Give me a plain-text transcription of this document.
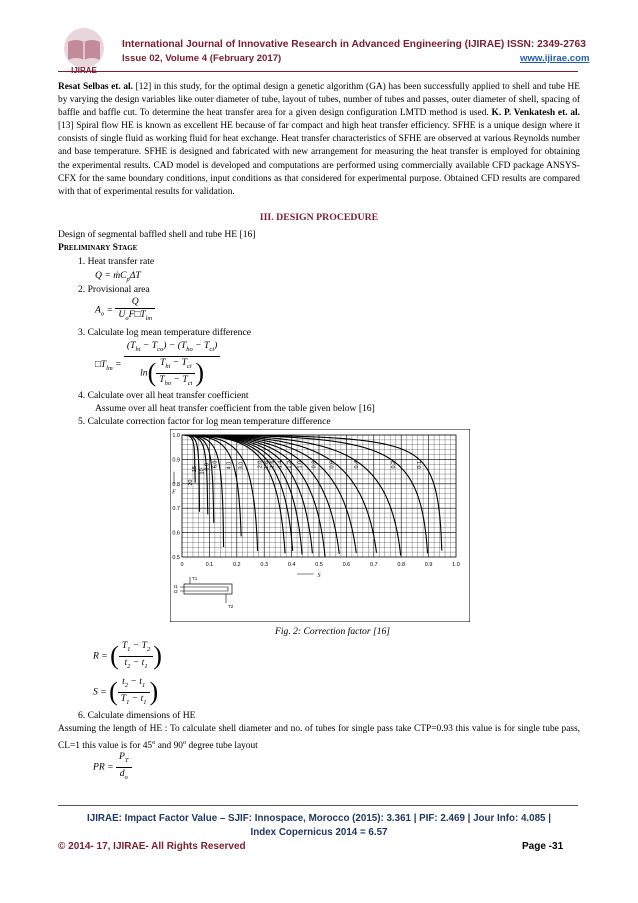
International Journal of Innovative Research in Advanced Engineering (IJIRAE) ISSN: 2349-2763
Issue 02, Volume 4 (February 2017)	www.ijirae.com

Resat Selbas et. al. [12] in this study, for the optimal design a genetic algorithm (GA) has been successfully applied to shell and tube HE by varying the design variables like outer diameter of tube, layout of tubes, number of tubes and passes, outer diameter of shell, spacing of baffle and baffle cut. To determine the heat transfer area for a given design configuration LMTD method is used. K. P. Venkatesh et. al. [13] Spiral flow HE is known as excellent HE because of far compact and high heat transfer efficiency. SFHE is a unique design where it consists of single fluid as working fluid for heat exchange. Heat transfer characteristics of SFHE are observed at various Reynolds number and base temperature. SFHE is designed and fabricated with new arrangement for measuring the heat transfer is employed for obtaining the experimental results. CAD model is developed and computations are performed using commercially available CFD package ANSYS-CFX for the same boundary conditions, input conditions as that considered for experimental purpose. Obtained CFD results are compared with that of experimental results for validation.

III. DESIGN PROCEDURE
Design of segmental baffled shell and tube HE [16]
Preliminary Stage
1. Heat transfer rate
Q = ṁC$_p$ΔT
2. Provisional area
$A_o = \frac{Q}{U_oF□T_{lm}}$
3. Calculate log mean temperature difference
$□T_{lm} = \frac{(T_{hi} - T_{co}) - (T_{ho} - T_{ci})}{\ln( \frac{T_{hi} - T_{ci}}{T_{ho} - T_{ci}} )}$
4. Calculate over all heat transfer coefficient
Assume over all heat transfer coefficient from the table given below [16]
5. Calculate correction factor for log mean temperature difference
0	0.1	0.2	0.3	0.4	0.5	0.6	0.7	0.8	0.9	1.0
1.0
0.9
0.8
0.7
0.6
0.5
20
15 10
8.0 6.0 4.0 3.0 2.0 1.8 1.6 1.4 1.2 1.0 0.8 0.6	0.4	0.2	0.1
S
F
T1
t1
t2
T2
Fig. 2: Correction factor [16]
R = ( $\frac{T_1 - T_2}{t_2 - t_1}$ )
S = ( $\frac{t_2 - t_1}{T_1 - t_1}$ )
6. Calculate dimensions of HE

Assuming the length of HE : To calculate shell diameter and no. of tubes for single pass take CTP=0.93 this value is for single tube pass, CL=1 this value is for 45$^o$ and 90$^o$ degree tube layout

PR = $\frac{P_T}{d_o}$
IJIRAE: Impact Factor Value – SJIF: Innospace, Morocco (2015): 3.361 | PIF: 2.469 | Jour Info: 4.085 |
Index Copernicus 2014 = 6.57
© 2014- 17, IJIRAE- All Rights Reserved	Page -31
